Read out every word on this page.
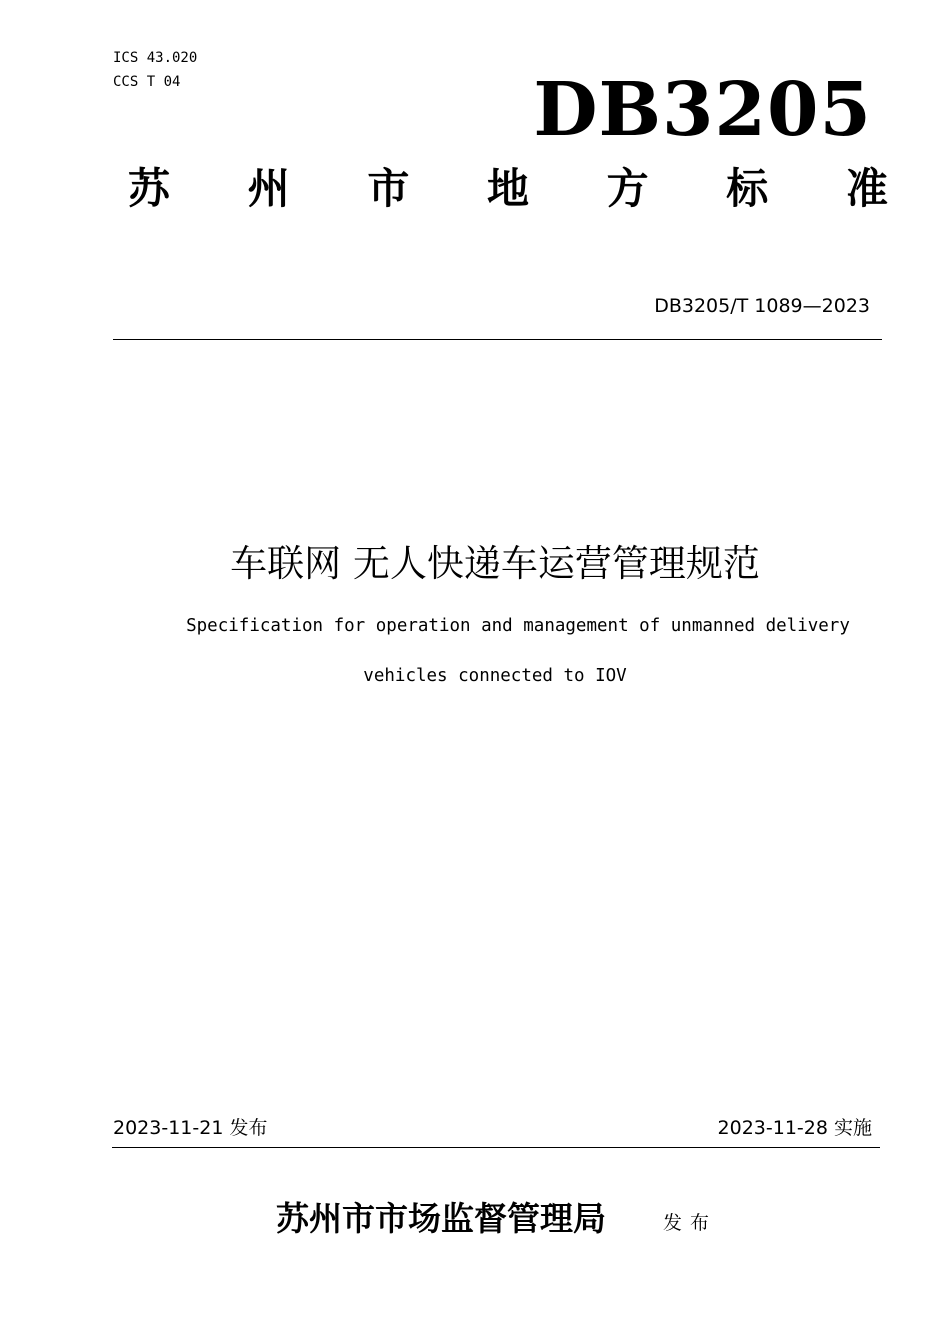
ICS 43.020
CCS T 04	DB3205
苏 州 市 地 方 标 准
DB3205/T 1089—2023
车联网 无人快递车运营管理规范
Specification for operation and management of unmanned delivery
vehicles connected to IOV
2023-11-21 发布	2023-11-28 实施
苏州市市场监督管理局	发布
